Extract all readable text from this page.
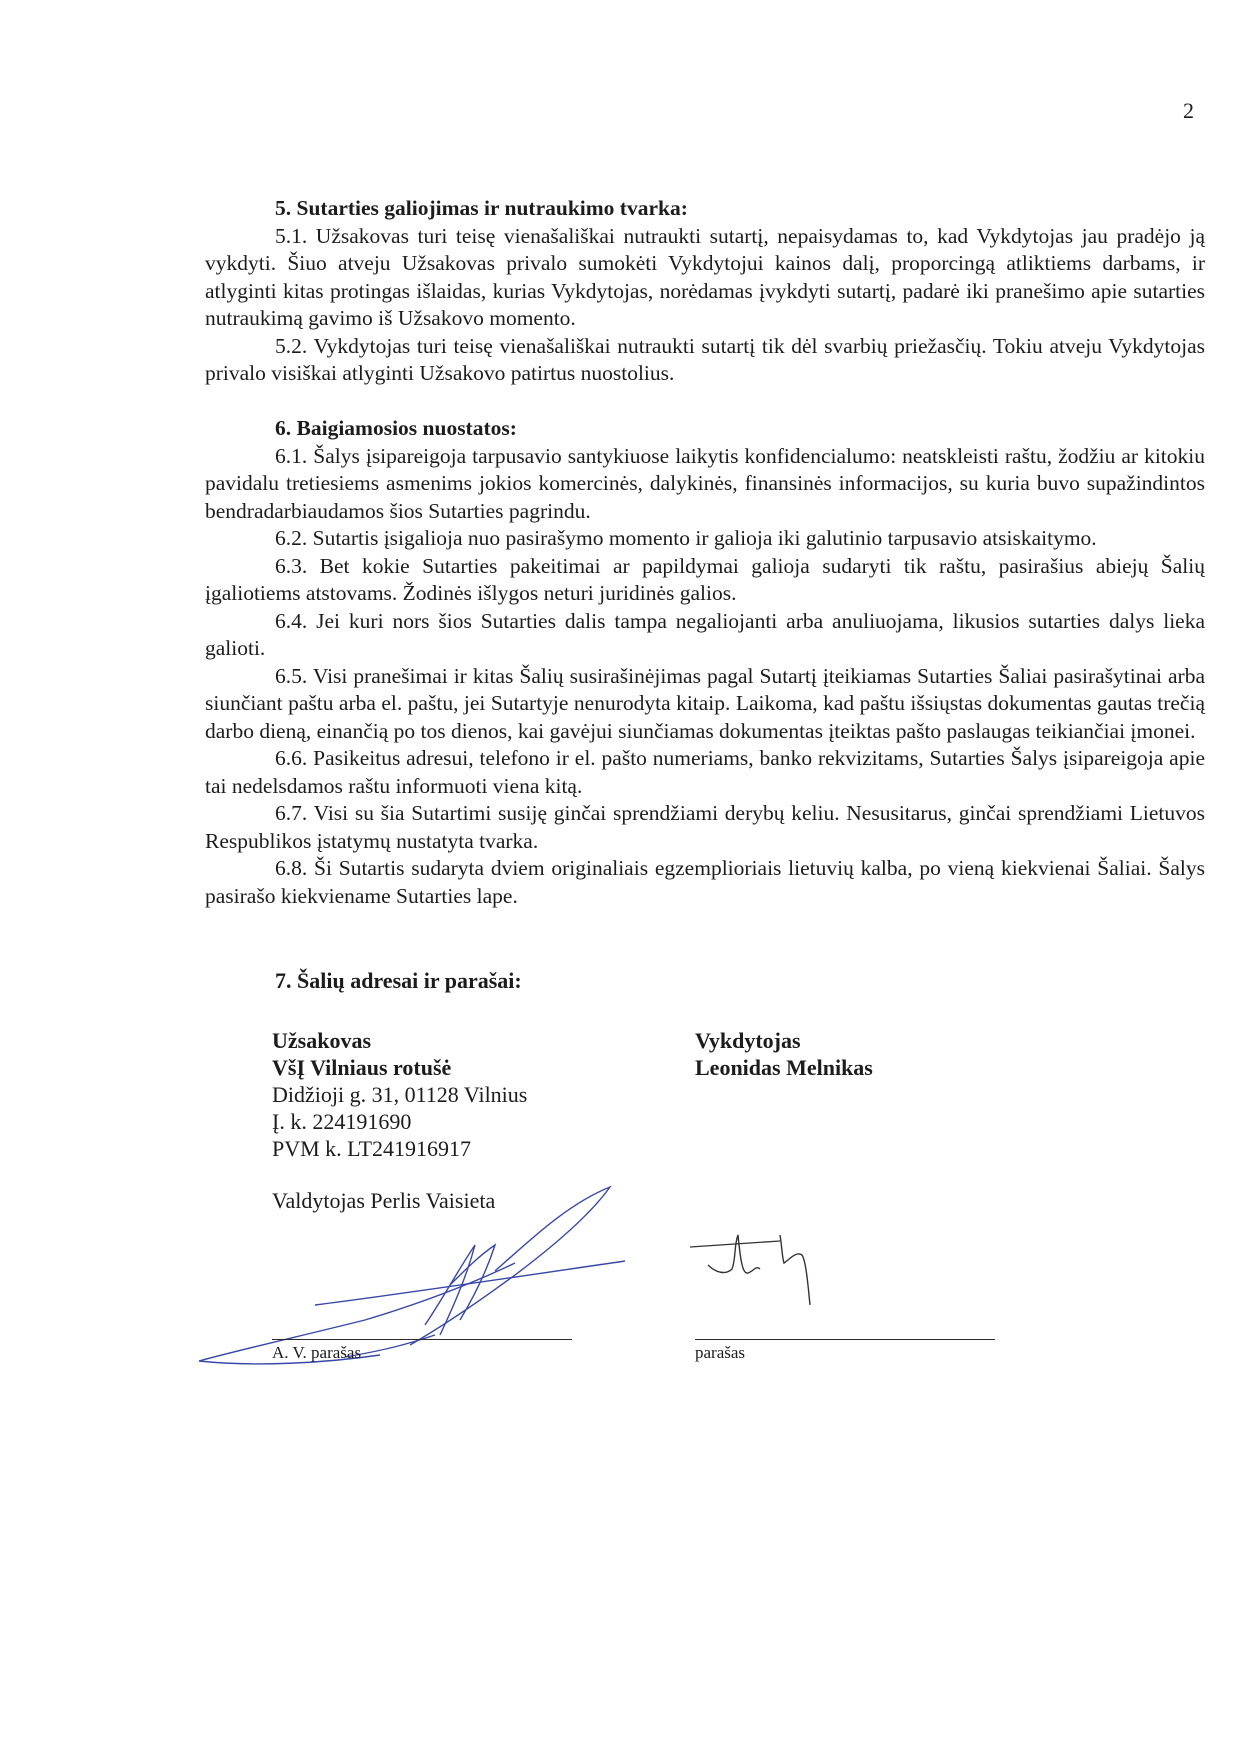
2
5. Sutarties galiojimas ir nutraukimo tvarka:

5.1. Užsakovas turi teisę vienašališkai nutraukti sutartį, nepaisydamas to, kad Vykdytojas jau pradėjo ją vykdyti. Šiuo atveju Užsakovas privalo sumokėti Vykdytojui kainos dalį, proporcingą atliktiems darbams, ir atlyginti kitas protingas išlaidas, kurias Vykdytojas, norėdamas įvykdyti sutartį, padarė iki pranešimo apie sutarties nutraukimą gavimo iš Užsakovo momento.

5.2. Vykdytojas turi teisę vienašališkai nutraukti sutartį tik dėl svarbių priežasčių. Tokiu atveju Vykdytojas privalo visiškai atlyginti Užsakovo patirtus nuostolius.

6. Baigiamosios nuostatos:

6.1. Šalys įsipareigoja tarpusavio santykiuose laikytis konfidencialumo: neatskleisti raštu, žodžiu ar kitokiu pavidalu tretiesiems asmenims jokios komercinės, dalykinės, finansinės informacijos, su kuria buvo supažindintos bendradarbiaudamos šios Sutarties pagrindu.

6.2. Sutartis įsigalioja nuo pasirašymo momento ir galioja iki galutinio tarpusavio atsiskaitymo.

6.3. Bet kokie Sutarties pakeitimai ar papildymai galioja sudaryti tik raštu, pasirašius abiejų Šalių įgaliotiems atstovams. Žodinės išlygos neturi juridinės galios.

6.4. Jei kuri nors šios Sutarties dalis tampa negaliojanti arba anuliuojama, likusios sutarties dalys lieka galioti.

6.5. Visi pranešimai ir kitas Šalių susirašinėjimas pagal Sutartį įteikiamas Sutarties Šaliai pasirašytinai arba siunčiant paštu arba el. paštu, jei Sutartyje nenurodyta kitaip. Laikoma, kad paštu išsiųstas dokumentas gautas trečią darbo dieną, einančią po tos dienos, kai gavėjui siunčiamas dokumentas įteiktas pašto paslaugas teikiančiai įmonei.

6.6. Pasikeitus adresui, telefono ir el. pašto numeriams, banko rekvizitams, Sutarties Šalys įsipareigoja apie tai nedelsdamos raštu informuoti viena kitą.

6.7. Visi su šia Sutartimi susiję ginčai sprendžiami derybų keliu. Nesusitarus, ginčai sprendžiami Lietuvos Respublikos įstatymų nustatyta tvarka.

6.8. Ši Sutartis sudaryta dviem originaliais egzemplioriais lietuvių kalba, po vieną kiekvienai Šaliai. Šalys pasirašo kiekviename Sutarties lape.

7. Šalių adresai ir parašai:
Užsakovas
VšĮ Vilniaus rotušė
Didžioji g. 31, 01128 Vilnius
Į. k. 224191690
PVM k. LT241916917
Vykdytojas
Leonidas Melnikas
Valdytojas Perlis Vaisieta
A. V. parašas	parašas
